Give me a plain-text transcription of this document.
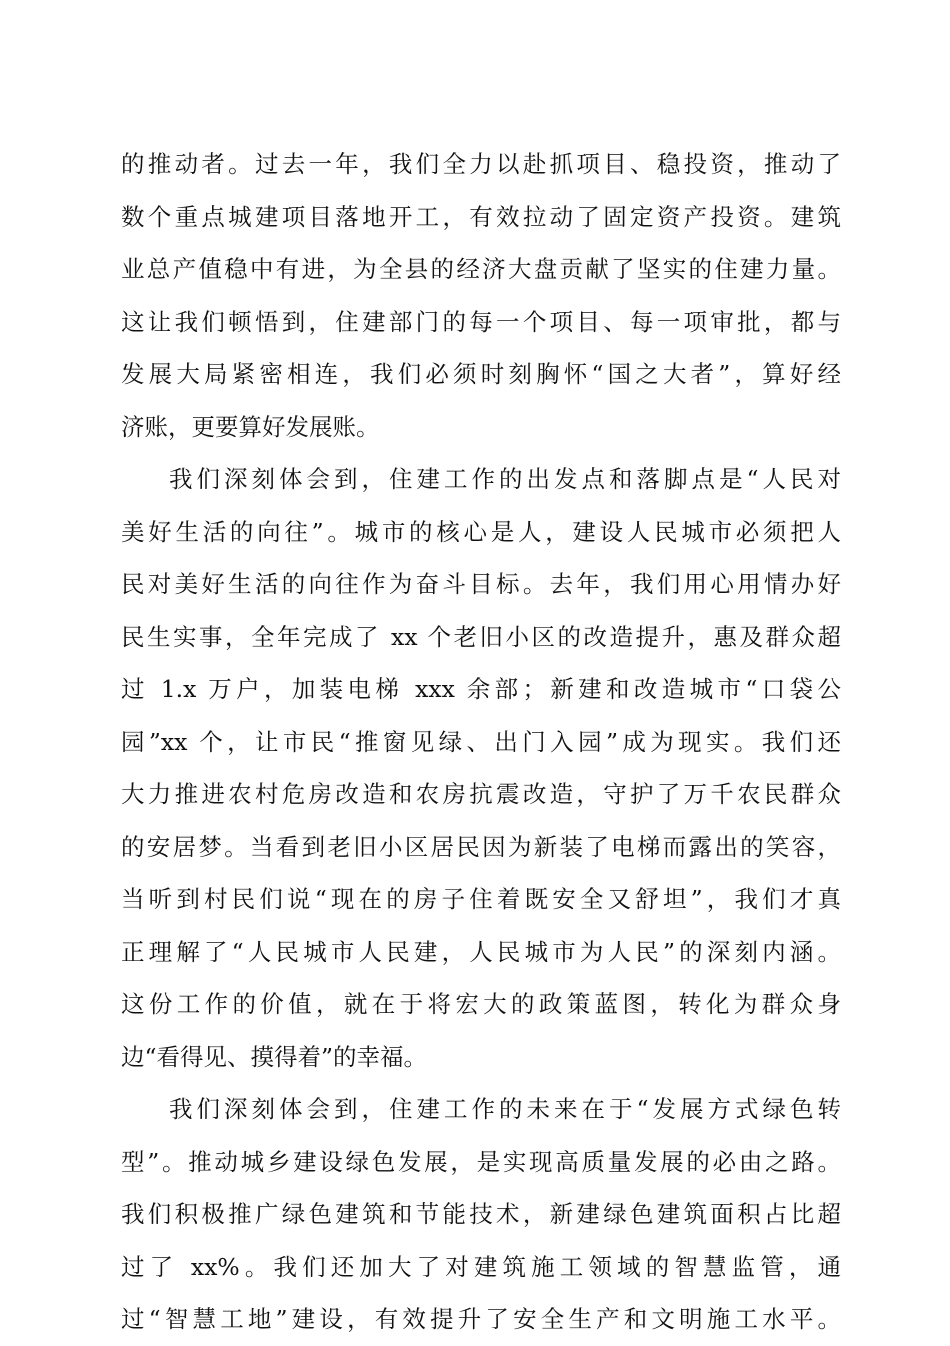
的推动者。过去一年，我们全力以赴抓项目、稳投资，推动了
数个重点城建项目落地开工，有效拉动了固定资产投资。建筑
业总产值稳中有进，为全县的经济大盘贡献了坚实的住建力量。
这让我们顿悟到，住建部门的每一个项目、每一项审批，都与
发展大局紧密相连，我们必须时刻胸怀“国之大者”，算好经
济账，更要算好发展账。
我们深刻体会到，住建工作的出发点和落脚点是“人民对
美好生活的向往”。城市的核心是人，建设人民城市必须把人
民对美好生活的向往作为奋斗目标。去年，我们用心用情办好
民生实事，全年完成了 xx 个老旧小区的改造提升，惠及群众超
过 1.x 万户，加装电梯 xxx 余部；新建和改造城市“口袋公
园”xx 个，让市民“推窗见绿、出门入园”成为现实。我们还
大力推进农村危房改造和农房抗震改造，守护了万千农民群众
的安居梦。当看到老旧小区居民因为新装了电梯而露出的笑容，
当听到村民们说“现在的房子住着既安全又舒坦”，我们才真
正理解了“人民城市人民建，人民城市为人民”的深刻内涵。
这份工作的价值，就在于将宏大的政策蓝图，转化为群众身
边“看得见、摸得着”的幸福。
我们深刻体会到，住建工作的未来在于“发展方式绿色转
型”。推动城乡建设绿色发展，是实现高质量发展的必由之路。
我们积极推广绿色建筑和节能技术，新建绿色建筑面积占比超
过了 xx%。我们还加大了对建筑施工领域的智慧监管，通
过“智慧工地”建设，有效提升了安全生产和文明施工水平。
